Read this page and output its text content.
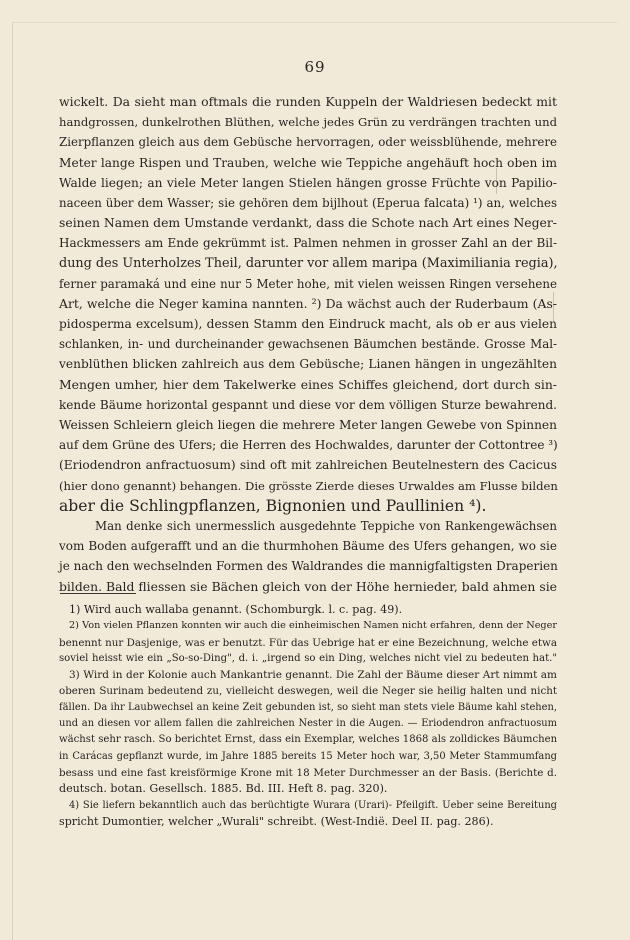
69
wickelt. Da sieht man oftmals die runden Kuppeln der Waldriesen bedeckt mit
handgrossen, dunkelrothen Blüthen, welche jedes Grün zu verdrängen trachten und
Zierpflanzen gleich aus dem Gebüsche hervorragen, oder weissblühende, mehrere
Meter lange Rispen und Trauben, welche wie Teppiche angehäuft hoch oben im
Walde liegen; an viele Meter langen Stielen hängen grosse Früchte von Papilio-
naceen über dem Wasser; sie gehören dem bijlhout (Eperua falcata) ¹) an, welches
seinen Namen dem Umstande verdankt, dass die Schote nach Art eines Neger-
Hackmessers am Ende gekrümmt ist. Palmen nehmen in grosser Zahl an der Bil-
dung des Unterholzes Theil, darunter vor allem maripa (Maximiliania regia),
ferner paramaká und eine nur 5 Meter hohe, mit vielen weissen Ringen versehene
Art, welche die Neger kamina nannten. ²) Da wächst auch der Ruderbaum (As-
pidosperma excelsum), dessen Stamm den Eindruck macht, als ob er aus vielen
schlanken, in- und durcheinander gewachsenen Bäumchen bestände. Grosse Mal-
venblüthen blicken zahlreich aus dem Gebüsche; Lianen hängen in ungezählten
Mengen umher, hier dem Takelwerke eines Schiffes gleichend, dort durch sin-
kende Bäume horizontal gespannt und diese vor dem völligen Sturze bewahrend.
Weissen Schleiern gleich liegen die mehrere Meter langen Gewebe von Spinnen
auf dem Grüne des Ufers; die Herren des Hochwaldes, darunter der Cottontree ³)
(Eriodendron anfractuosum) sind oft mit zahlreichen Beutelnestern des Cacicus
(hier dono genannt) behangen. Die grösste Zierde dieses Urwaldes am Flusse bilden
aber die Schlingpflanzen, Bignonien und Paullinien ⁴).
Man denke sich unermesslich ausgedehnte Teppiche von Rankengewächsen
vom Boden aufgerafft und an die thurmhohen Bäume des Ufers gehangen, wo sie
je nach den wechselnden Formen des Waldrandes die mannigfaltigsten Draperien
bilden. Bald fliessen sie Bächen gleich von der Höhe hernieder, bald ahmen sie
1) Wird auch wallaba genannt. (Schomburgk. l. c. pag. 49).
2) Von vielen Pflanzen konnten wir auch die einheimischen Namen nicht erfahren, denn der Neger
benennt nur Dasjenige, was er benutzt. Für das Uebrige hat er eine Bezeichnung, welche etwa
soviel heisst wie ein „So-so-Ding", d. i. „irgend so ein Ding, welches nicht viel zu bedeuten hat."
3) Wird in der Kolonie auch Mankantrie genannt. Die Zahl der Bäume dieser Art nimmt am
oberen Surinam bedeutend zu, vielleicht deswegen, weil die Neger sie heilig halten und nicht
fällen. Da ihr Laubwechsel an keine Zeit gebunden ist, so sieht man stets viele Bäume kahl stehen,
und an diesen vor allem fallen die zahlreichen Nester in die Augen. — Eriodendron anfractuosum
wächst sehr rasch. So berichtet Ernst, dass ein Exemplar, welches 1868 als zolldickes Bäumchen
in Carácas gepflanzt wurde, im Jahre 1885 bereits 15 Meter hoch war, 3,50 Meter Stammumfang
besass und eine fast kreisförmige Krone mit 18 Meter Durchmesser an der Basis. (Berichte d.
deutsch. botan. Gesellsch. 1885. Bd. III. Heft 8. pag. 320).
4) Sie liefern bekanntlich auch das berüchtigte Wurara (Urari)- Pfeilgift. Ueber seine Bereitung
spricht Dumontier, welcher „Wurali" schreibt. (West-Indië. Deel II. pag. 286).
